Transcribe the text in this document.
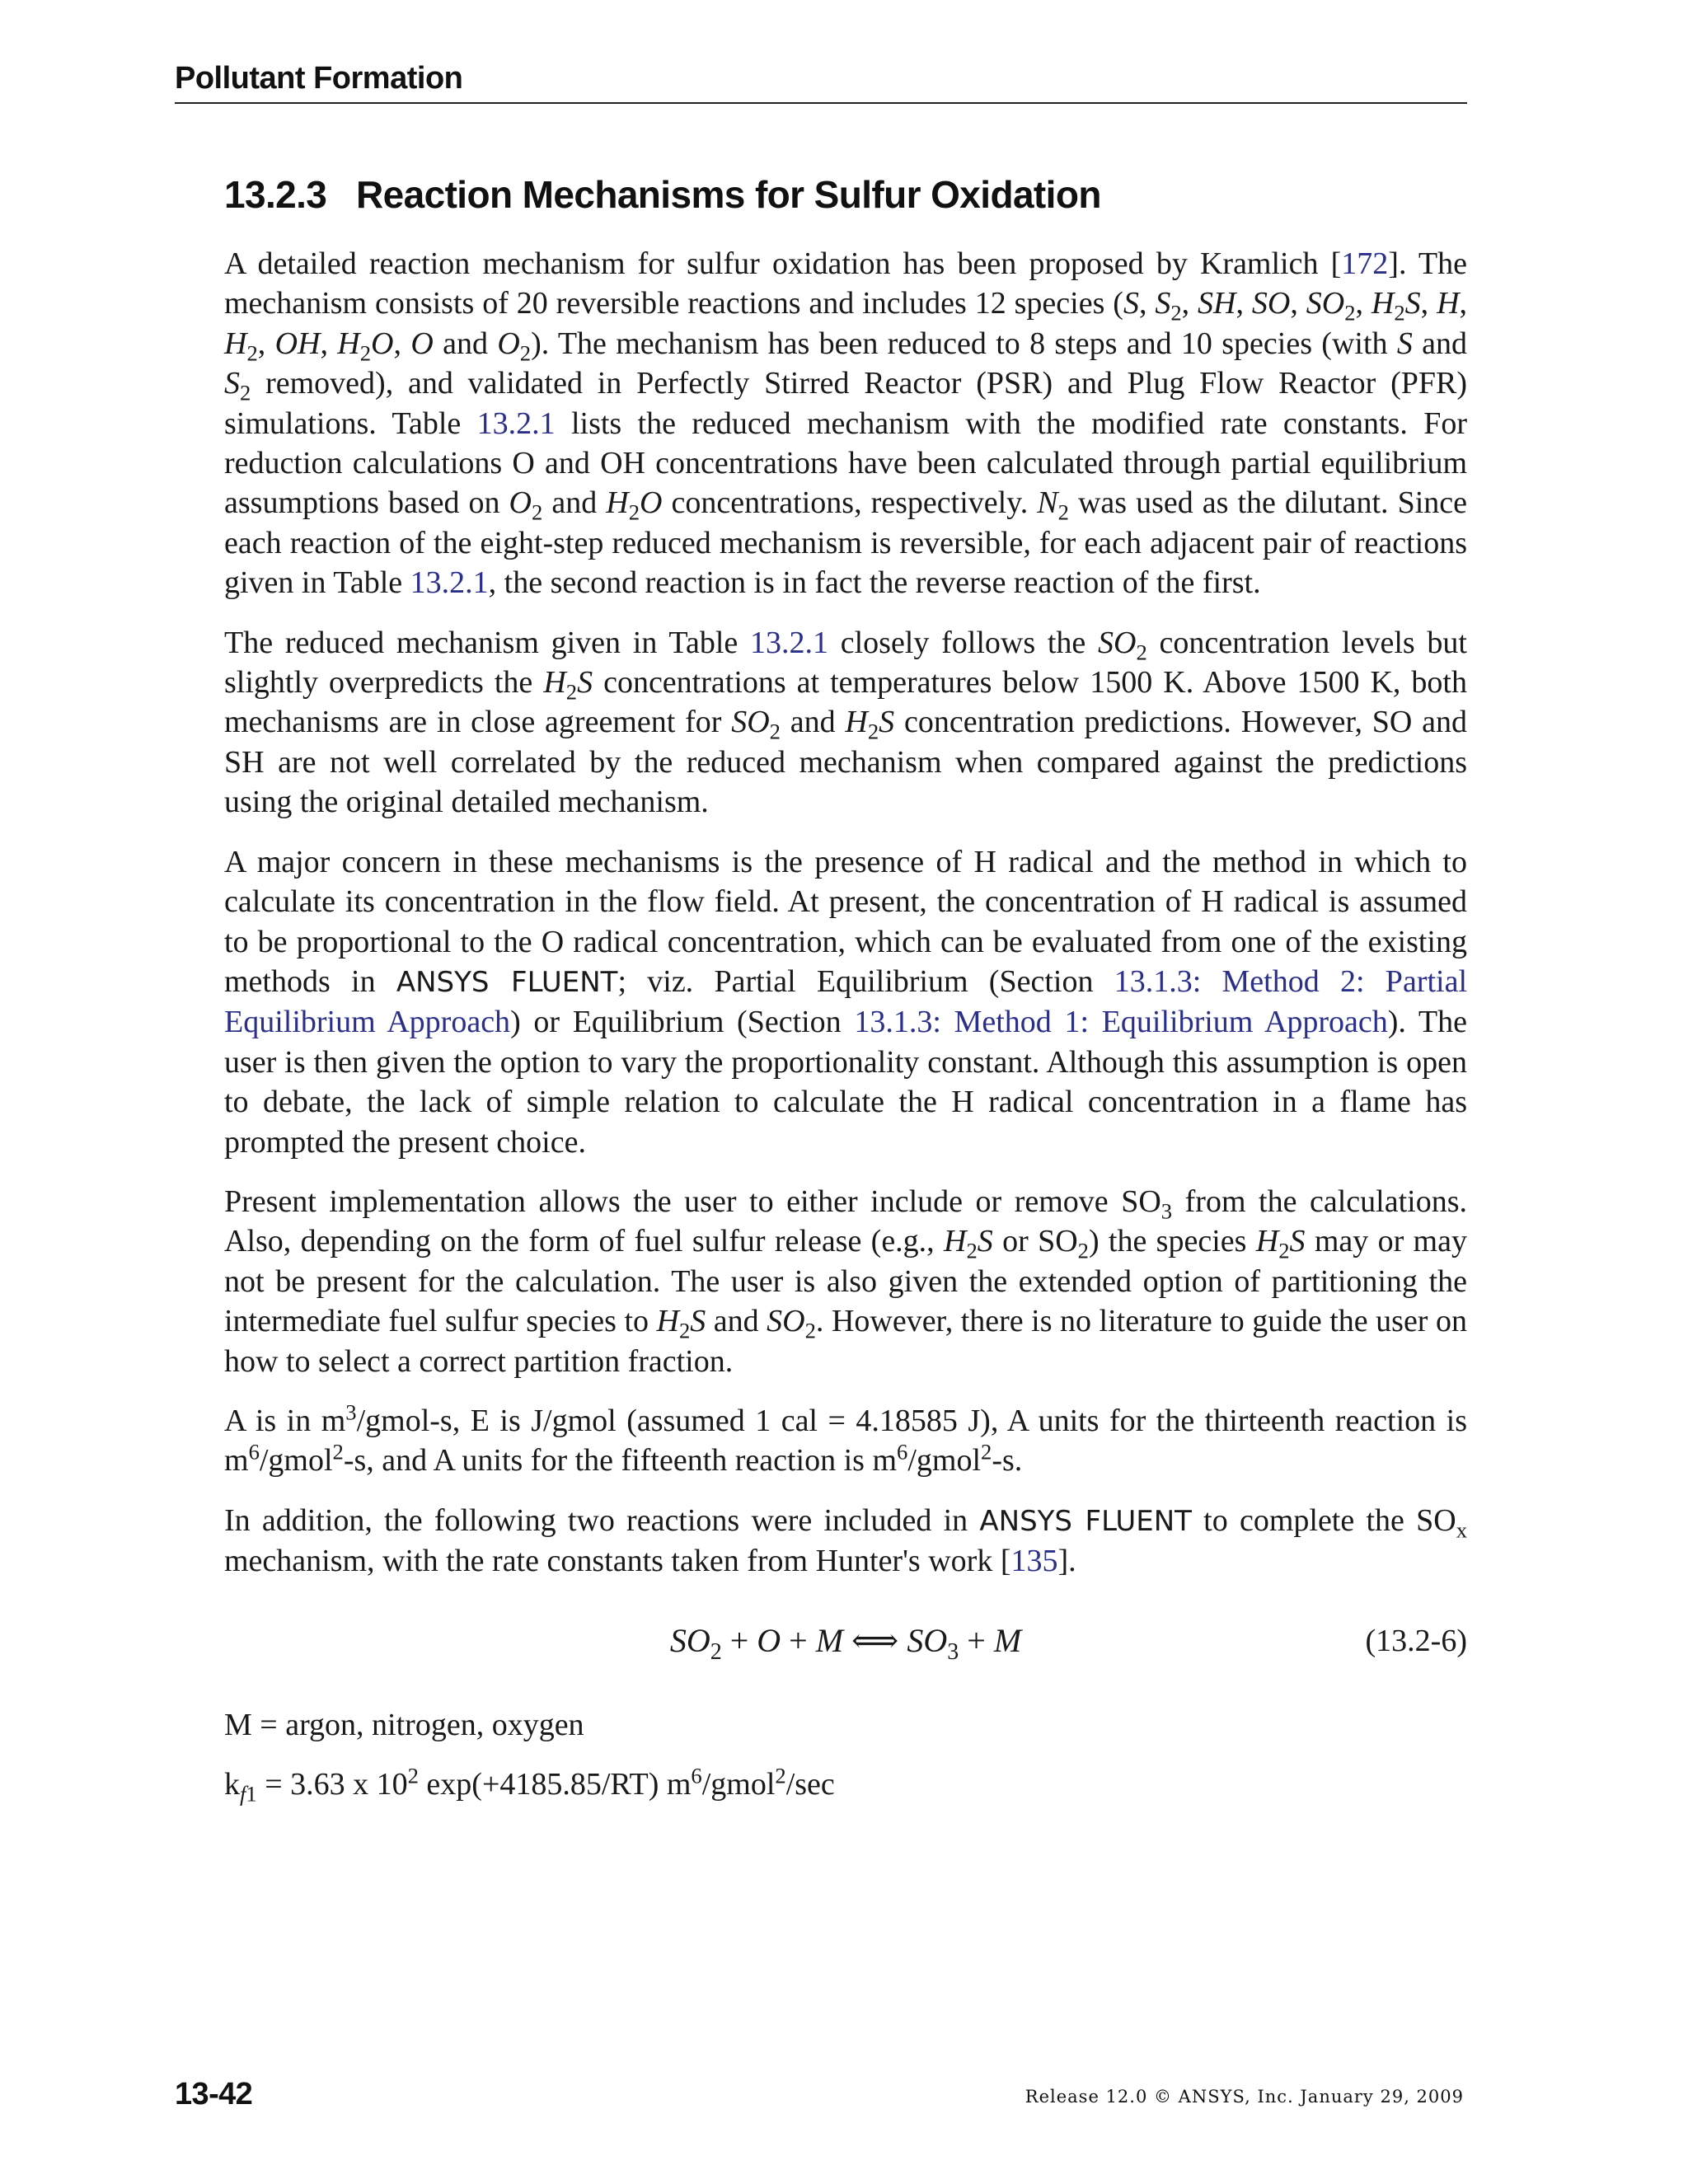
Pollutant Formation
13.2.3 Reaction Mechanisms for Sulfur Oxidation

A detailed reaction mechanism for sulfur oxidation has been proposed by Kramlich [172]. The mechanism consists of 20 reversible reactions and includes 12 species (S, $S_2$, SH, SO, $SO_2$, $H_2S$, H, $H_2$, OH, $H_2O$, O and $O_2$). The mechanism has been reduced to 8 steps and 10 species (with S and $S_2$ removed), and validated in Perfectly Stirred Reactor (PSR) and Plug Flow Reactor (PFR) simulations. Table 13.2.1 lists the reduced mechanism with the modified rate constants. For reduction calculations O and OH concentrations have been calculated through partial equilibrium assumptions based on $O_2$ and $H_2O$ concentrations, respectively. $N_2$ was used as the dilutant. Since each reaction of the eight-step reduced mechanism is reversible, for each adjacent pair of reactions given in Table 13.2.1, the second reaction is in fact the reverse reaction of the first.

The reduced mechanism given in Table 13.2.1 closely follows the $SO_2$ concentration levels but slightly overpredicts the $H_2S$ concentrations at temperatures below 1500 K. Above 1500 K, both mechanisms are in close agreement for $SO_2$ and $H_2S$ concentration predictions. However, SO and SH are not well correlated by the reduced mechanism when compared against the predictions using the original detailed mechanism.

A major concern in these mechanisms is the presence of H radical and the method in which to calculate its concentration in the flow field. At present, the concentration of H radical is assumed to be proportional to the O radical concentration, which can be evaluated from one of the existing methods in ANSYS FLUENT; viz. Partial Equilibrium (Section 13.1.3: Method 2: Partial Equilibrium Approach) or Equilibrium (Section 13.1.3: Method 1: Equilibrium Approach). The user is then given the option to vary the proportionality constant. Although this assumption is open to debate, the lack of simple relation to calculate the H radical concentration in a flame has prompted the present choice.

Present implementation allows the user to either include or remove $SO_3$ from the calculations. Also, depending on the form of fuel sulfur release (e.g., $H_2S$ or $SO_2$) the species $H_2S$ may or may not be present for the calculation. The user is also given the extended option of partitioning the intermediate fuel sulfur species to $H_2S$ and $SO_2$. However, there is no literature to guide the user on how to select a correct partition fraction.

A is in $m^3/gmol-s$, E is J/gmol (assumed 1 cal = 4.18585 J), A units for the thirteenth reaction is $m^6/gmol^2-s$, and A units for the fifteenth reaction is $m^6/gmol^2-s$.

In addition, the following two reactions were included in ANSYS FLUENT to complete the $SO_x$ mechanism, with the rate constants taken from Hunter's work [135].

$SO_2 + O + M$ ⟺ $SO_3 + M$	(13.2-6)

M = argon, nitrogen, oxygen

$k_{f1} = 3.63$ x $10^2$ exp(+4185.85/RT) $m^6/gmol^2/\sec$

13-42	Release 12.0 © ANSYS, Inc. January 29, 2009
